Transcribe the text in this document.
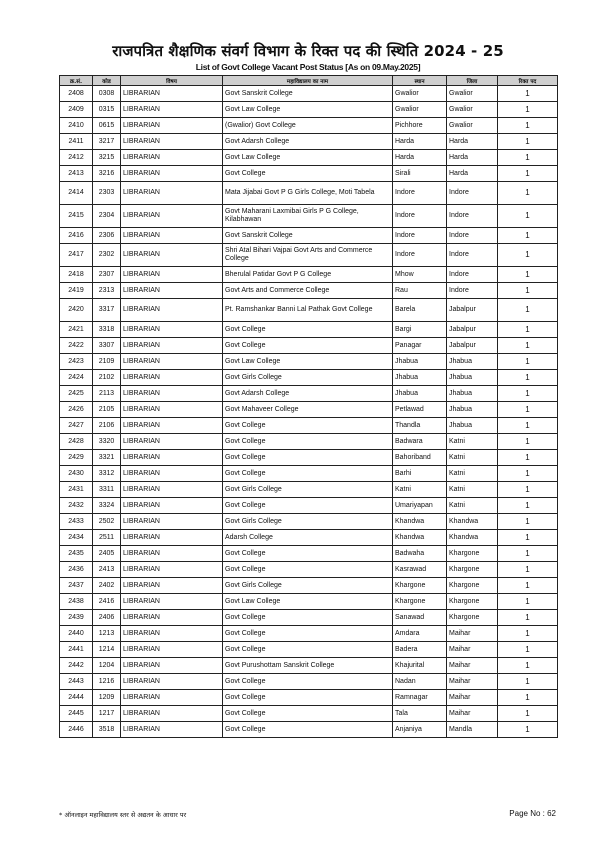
राजपत्रित शैक्षणिक संवर्ग विभाग के रिक्त पद की स्थिति 2024 - 25
List of Govt College Vacant Post Status [As on 09.May.2025]
क्र.सं.	कोड	विषय	महाविद्यालय का नाम	स्थान	जिला	रिक्त पद
2408	0308	LIBRARIAN	Govt Sanskrit College	Gwalior	Gwalior	1
2409	0315	LIBRARIAN	Govt Law College	Gwalior	Gwalior	1
2410	0615	LIBRARIAN	(Gwalior) Govt College	Pichhore	Gwalior	1
2411	3217	LIBRARIAN	Govt Adarsh College	Harda	Harda	1
2412	3215	LIBRARIAN	Govt Law College	Harda	Harda	1
2413	3216	LIBRARIAN	Govt College	Sirali	Harda	1
2414	2303	LIBRARIAN	Mata Jijabai Govt P G Girls College, Moti Tabela	Indore	Indore	1
2415	2304	LIBRARIAN	Govt Maharani Laxmibai Girls P G College, Kilabhawan	Indore	Indore	1
2416	2306	LIBRARIAN	Govt Sanskrit College	Indore	Indore	1
2417	2302	LIBRARIAN	Shri Atal Bihari Vajpai Govt Arts and Commerce College	Indore	Indore	1
2418	2307	LIBRARIAN	Bherulal Patidar Govt P G College	Mhow	Indore	1
2419	2313	LIBRARIAN	Govt Arts and Commerce College	Rau	Indore	1
2420	3317	LIBRARIAN	Pt. Ramshankar Banni Lal Pathak Govt College	Barela	Jabalpur	1
2421	3318	LIBRARIAN	Govt College	Bargi	Jabalpur	1
2422	3307	LIBRARIAN	Govt College	Panagar	Jabalpur	1
2423	2109	LIBRARIAN	Govt Law College	Jhabua	Jhabua	1
2424	2102	LIBRARIAN	Govt Girls College	Jhabua	Jhabua	1
2425	2113	LIBRARIAN	Govt Adarsh College	Jhabua	Jhabua	1
2426	2105	LIBRARIAN	Govt Mahaveer College	Petlawad	Jhabua	1
2427	2106	LIBRARIAN	Govt College	Thandla	Jhabua	1
2428	3320	LIBRARIAN	Govt College	Badwara	Katni	1
2429	3321	LIBRARIAN	Govt College	Bahoriband	Katni	1
2430	3312	LIBRARIAN	Govt College	Barhi	Katni	1
2431	3311	LIBRARIAN	Govt Girls College	Katni	Katni	1
2432	3324	LIBRARIAN	Govt College	Umariyapan	Katni	1
2433	2502	LIBRARIAN	Govt Girls College	Khandwa	Khandwa	1
2434	2511	LIBRARIAN	Adarsh College	Khandwa	Khandwa	1
2435	2405	LIBRARIAN	Govt College	Badwaha	Khargone	1
2436	2413	LIBRARIAN	Govt College	Kasrawad	Khargone	1
2437	2402	LIBRARIAN	Govt Girls College	Khargone	Khargone	1
2438	2416	LIBRARIAN	Govt Law College	Khargone	Khargone	1
2439	2406	LIBRARIAN	Govt College	Sanawad	Khargone	1
2440	1213	LIBRARIAN	Govt College	Amdara	Maihar	1
2441	1214	LIBRARIAN	Govt College	Badera	Maihar	1
2442	1204	LIBRARIAN	Govt Purushottam Sanskrit College	Khajurital	Maihar	1
2443	1216	LIBRARIAN	Govt College	Nadan	Maihar	1
2444	1209	LIBRARIAN	Govt College	Ramnagar	Maihar	1
2445	1217	LIBRARIAN	Govt College	Tala	Maihar	1
2446	3518	LIBRARIAN	Govt College	Anjaniya	Mandla	1
* ऑनलाइन महाविद्यालय स्तर से अद्यतन के आधार पर	Page No : 62
